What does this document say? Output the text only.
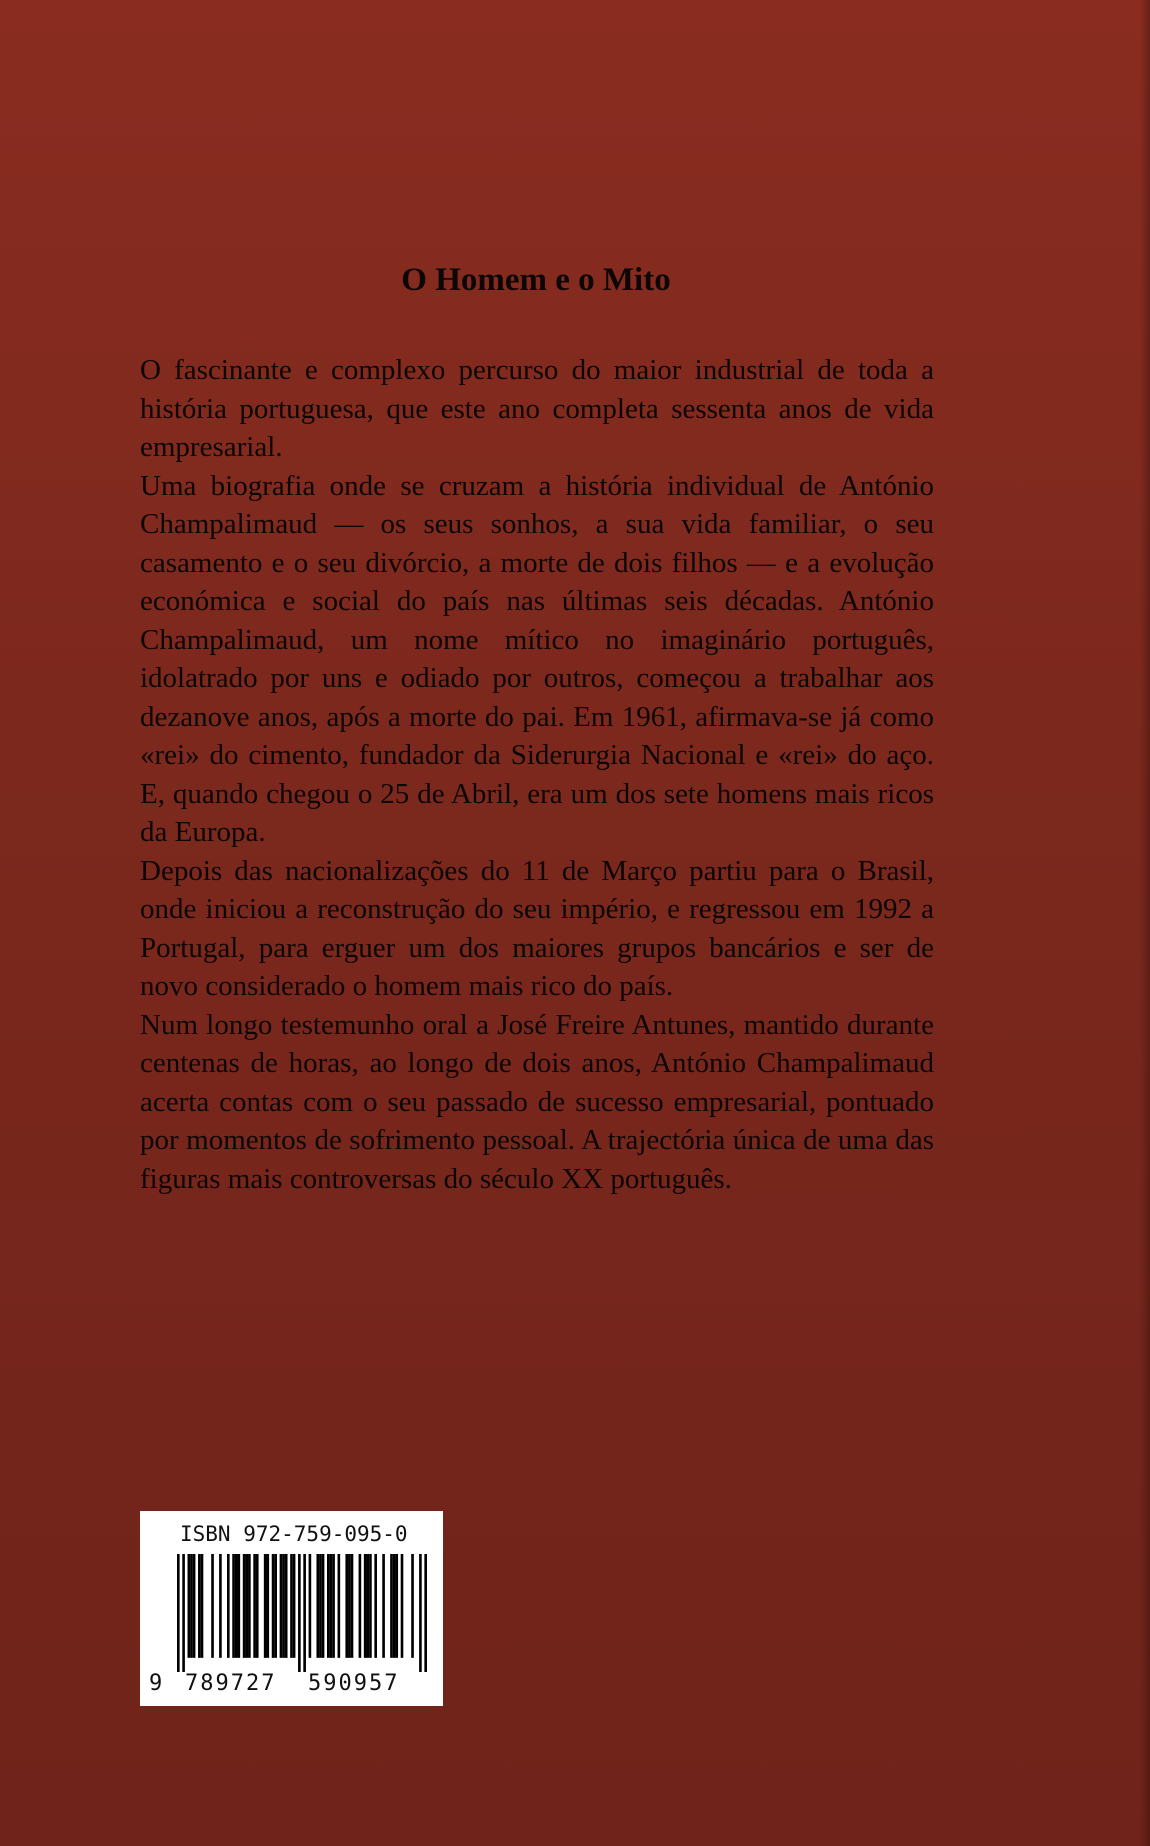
O Homem e o Mito

O fascinante e complexo percurso do maior industrial de toda a história portuguesa, que este ano completa sessenta anos de vida empresarial.

Uma biografia onde se cruzam a história individual de António Champalimaud — os seus sonhos, a sua vida familiar, o seu casamento e o seu divórcio, a morte de dois filhos — e a evolução económica e social do país nas últimas seis décadas. António Champalimaud, um nome mítico no imaginário português, idolatrado por uns e odiado por outros, começou a trabalhar aos dezanove anos, após a morte do pai. Em 1961, afirmava-se já como «rei» do cimento, fundador da Siderurgia Nacional e «rei» do aço. E, quando chegou o 25 de Abril, era um dos sete homens mais ricos da Europa.

Depois das nacionalizações do 11 de Março partiu para o Brasil, onde iniciou a reconstrução do seu império, e regressou em 1992 a Portugal, para erguer um dos maiores grupos bancários e ser de novo considerado o homem mais rico do país.

Num longo testemunho oral a José Freire Antunes, mantido durante centenas de horas, ao longo de dois anos, António Champalimaud acerta contas com o seu passado de sucesso empresarial, pontuado por momentos de sofrimento pessoal. A trajectória única de uma das figuras mais controversas do século XX português.

ISBN 972-759-095-0
9 789727 590957
